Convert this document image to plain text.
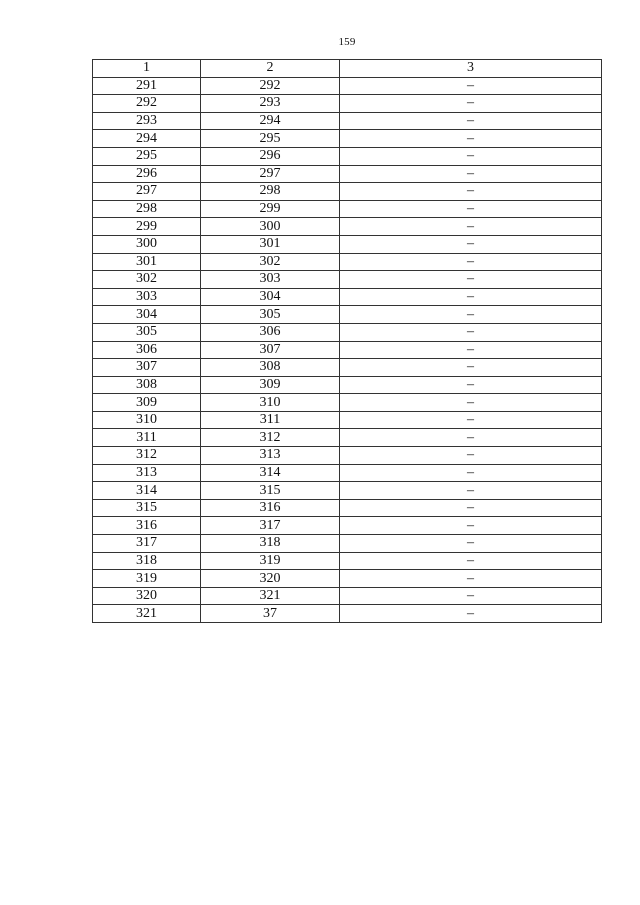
159
1	2	3
291	292	–
292	293	–
293	294	–
294	295	–
295	296	–
296	297	–
297	298	–
298	299	–
299	300	–
300	301	–
301	302	–
302	303	–
303	304	–
304	305	–
305	306	–
306	307	–
307	308	–
308	309	–
309	310	–
310	311	–
311	312	–
312	313	–
313	314	–
314	315	–
315	316	–
316	317	–
317	318	–
318	319	–
319	320	–
320	321	–
321	37	–
